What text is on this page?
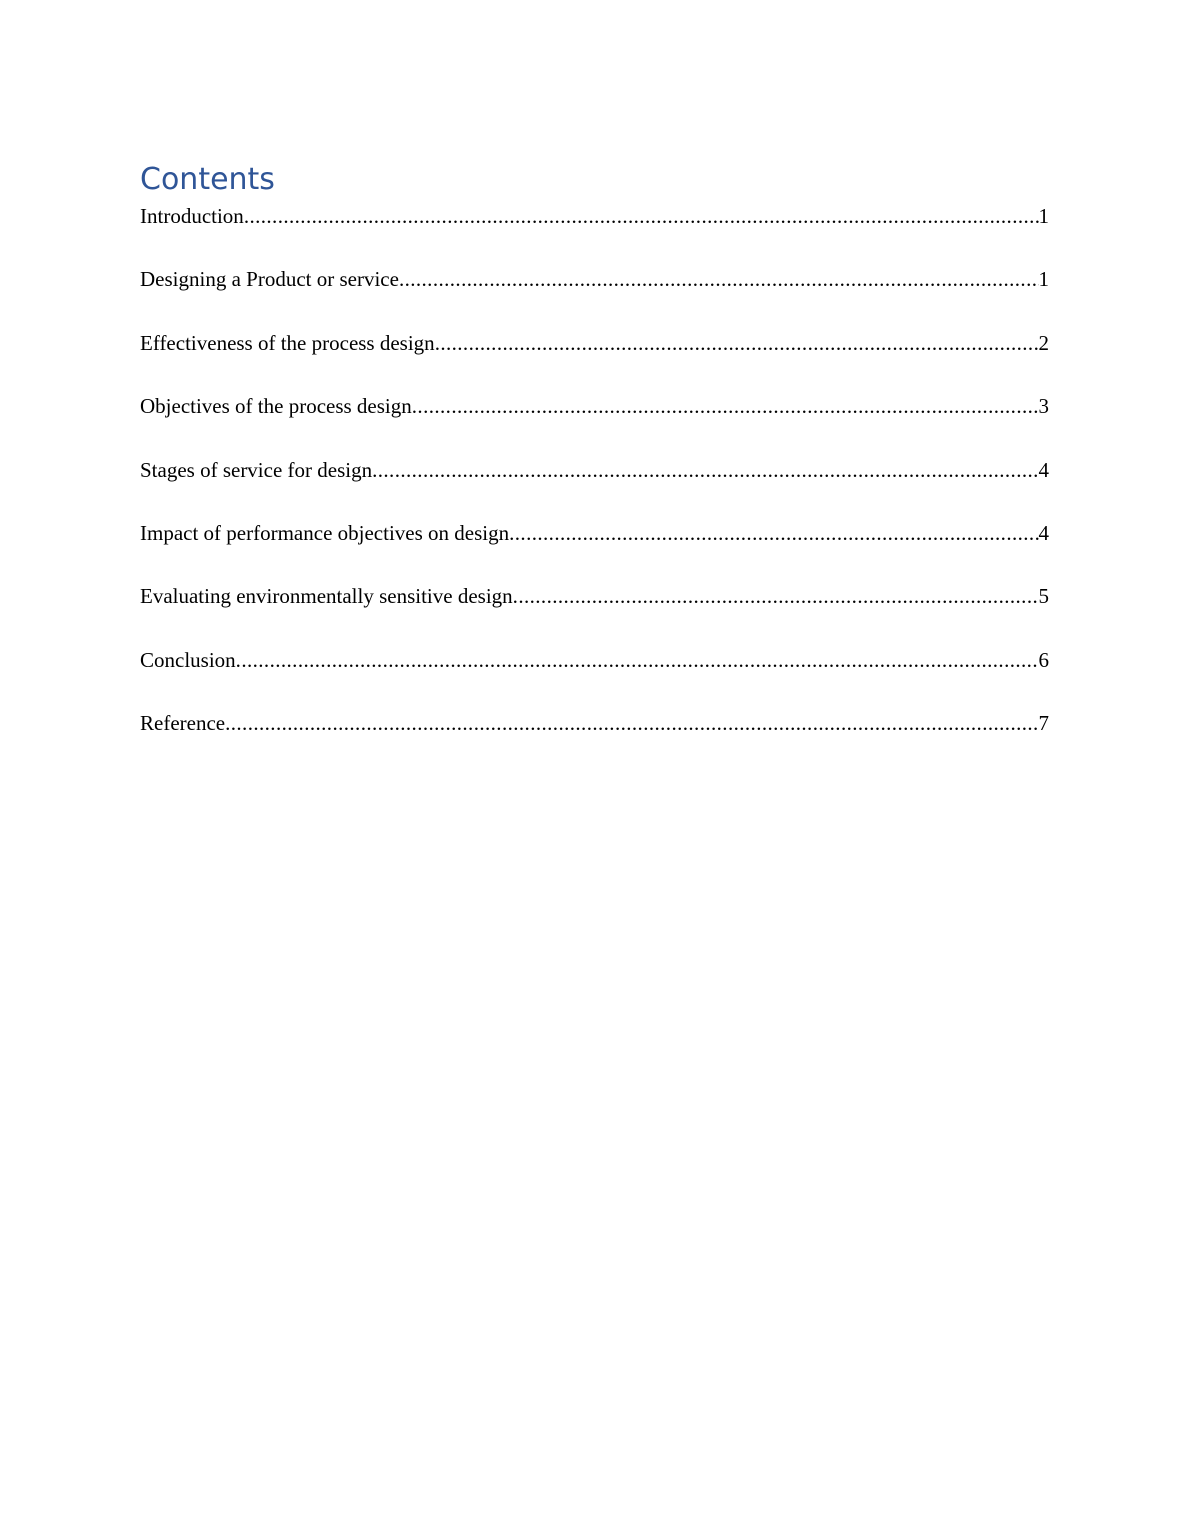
Contents
Introduction .....	1
Designing a Product or service .....	1
Effectiveness of the process design .....	2
Objectives of the process design .....	3
Stages of service for design .....	4
Impact of performance objectives on design .....	4
Evaluating environmentally sensitive design .....	5
Conclusion .....	6
Reference .....	7
